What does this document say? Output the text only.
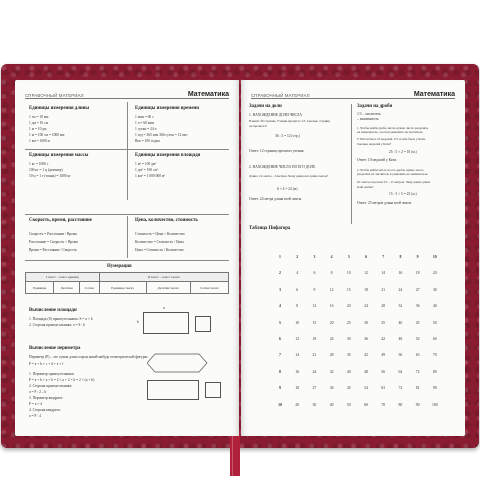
СПРАВОЧНЫЙ МАТЕРИАЛ	Математика
Единицы измерения длины
1 см = 10 мм
1 дм = 10 см
1 м = 10 дм
1 м = 100 см = 1000 мм
1 км = 1000 м
Единицы измерения времени
1 мин = 60 с
1 ч = 60 мин
1 сутки = 24 ч
1 год = 365 или 366 суток = 12 мес
Век = 100 годам
Единицы измерения массы
1 кг = 1000 г
100 кг = 1 ц (центнер)
10 ц = 1 т (тонна) = 1000 кг
Единицы измерения площади
1 м² = 100 дм²
1 дм² = 100 см²
1 км² = 1 000 000 м²
Скорость, время, расстояние
Скорость = Расстояние / Время
Расстояние = Скорость × Время
Время = Расстояние / Скорость
Цена, количество, стоимость
Стоимость = Цена × Количество
Количество = Стоимость / Цена
Цена = Стоимость / Количество
Нумерация
I класс – класс единиц			II класс – класс тысяч		
Единицы	Десятки	Сотни	Единицы тысяч	Десятки тысяч	Сотни тысяч
Вычисление площади
1. Площадь (S) прямоугольника: S = a × b
2. Сторона прямоугольника: a = S : b
a
b
Вычисление периметра
Периметр (P) – это сумма длин сторон какой-нибудь геометрической фигуры:
P = a + b + c + d + e + f
1. Периметр прямоугольника:
P = a + b + a + b = 2 × a + 2 × b = 2 × (a + b)
2. Сторона прямоугольника:
a = P : 2 – b
3. Периметр квадрата:
P = a × 4
4. Сторона квадрата:
a = P : 4
СПРАВОЧНЫЙ МАТЕРИАЛ	Математика
Задачи на доли
1. НАХОЖДЕНИЕ ДОЛИ ЧИСЛА
В книге 36 страниц. Ученик прочитал 1/3. Сколько страниц
он прочитал?
36 : 3 = 12 (стр.)
Ответ: 12 страниц прочитал ученик.
2. НАХОЖДЕНИЕ ЧИСЛА ПО ЕГО ДОЛЕ
Длина 1/4 ленты – 6 метров. Чему равна вся длина ленты?
6 × 4 = 24 (м)
Ответ: 24 метра длина всей ленты.
Задачи на дроби
1/3 – числитель
– знаменатель
1. Чтобы найти дробь числа, нужно число разделить
на знаменатель, а потом умножить на числитель.
У Мэгги было 25 медалей. 2/5 от них было у Кати.
Сколько медалей у Кати?
25 : 5 × 2 = 10 (м.)
Ответ: 10 медалей у Кати.
2. Чтобы найти число по его дроби, нужно число
разделить на числитель и умножить на знаменатель.
От ленты отрезали 3/5 – 15 метров. Чему равна длина
всей ленты?
15 : 3 × 5 = 25 (м.)
Ответ: 25 метров длина всей ленты.
Таблица Пифагора
1	2	3	4	5	6	7	8	9	10
2	4	6	8	10	12	14	16	18	20
3	6	9	12	15	18	21	24	27	30
4	8	12	16	20	24	28	32	36	40
5	10	15	20	25	30	35	40	45	50
6	12	18	24	30	36	42	48	54	60
7	14	21	28	35	42	49	56	63	70
8	16	24	32	40	48	56	64	72	80
9	18	27	36	45	54	63	72	81	90
10	20	30	40	50	60	70	80	90	100
